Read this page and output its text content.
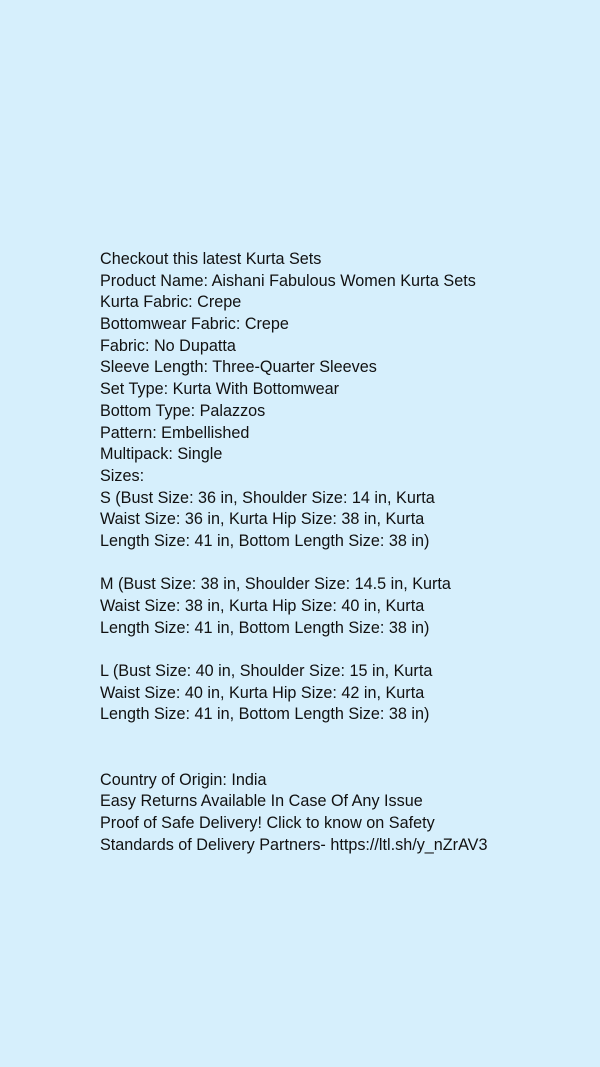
Checkout this latest Kurta Sets
Product Name: Aishani Fabulous Women Kurta Sets
Kurta Fabric: Crepe
Bottomwear Fabric: Crepe
Fabric: No Dupatta
Sleeve Length: Three-Quarter Sleeves
Set Type: Kurta With Bottomwear
Bottom Type: Palazzos
Pattern: Embellished
Multipack: Single
Sizes:
S (Bust Size: 36 in, Shoulder Size: 14 in, Kurta
Waist Size: 36 in, Kurta Hip Size: 38 in, Kurta
Length Size: 41 in, Bottom Length Size: 38 in)
M (Bust Size: 38 in, Shoulder Size: 14.5 in, Kurta
Waist Size: 38 in, Kurta Hip Size: 40 in, Kurta
Length Size: 41 in, Bottom Length Size: 38 in)
L (Bust Size: 40 in, Shoulder Size: 15 in, Kurta
Waist Size: 40 in, Kurta Hip Size: 42 in, Kurta
Length Size: 41 in, Bottom Length Size: 38 in)
Country of Origin: India
Easy Returns Available In Case Of Any Issue
Proof of Safe Delivery! Click to know on Safety
Standards of Delivery Partners- https://ltl.sh/y_nZrAV3
